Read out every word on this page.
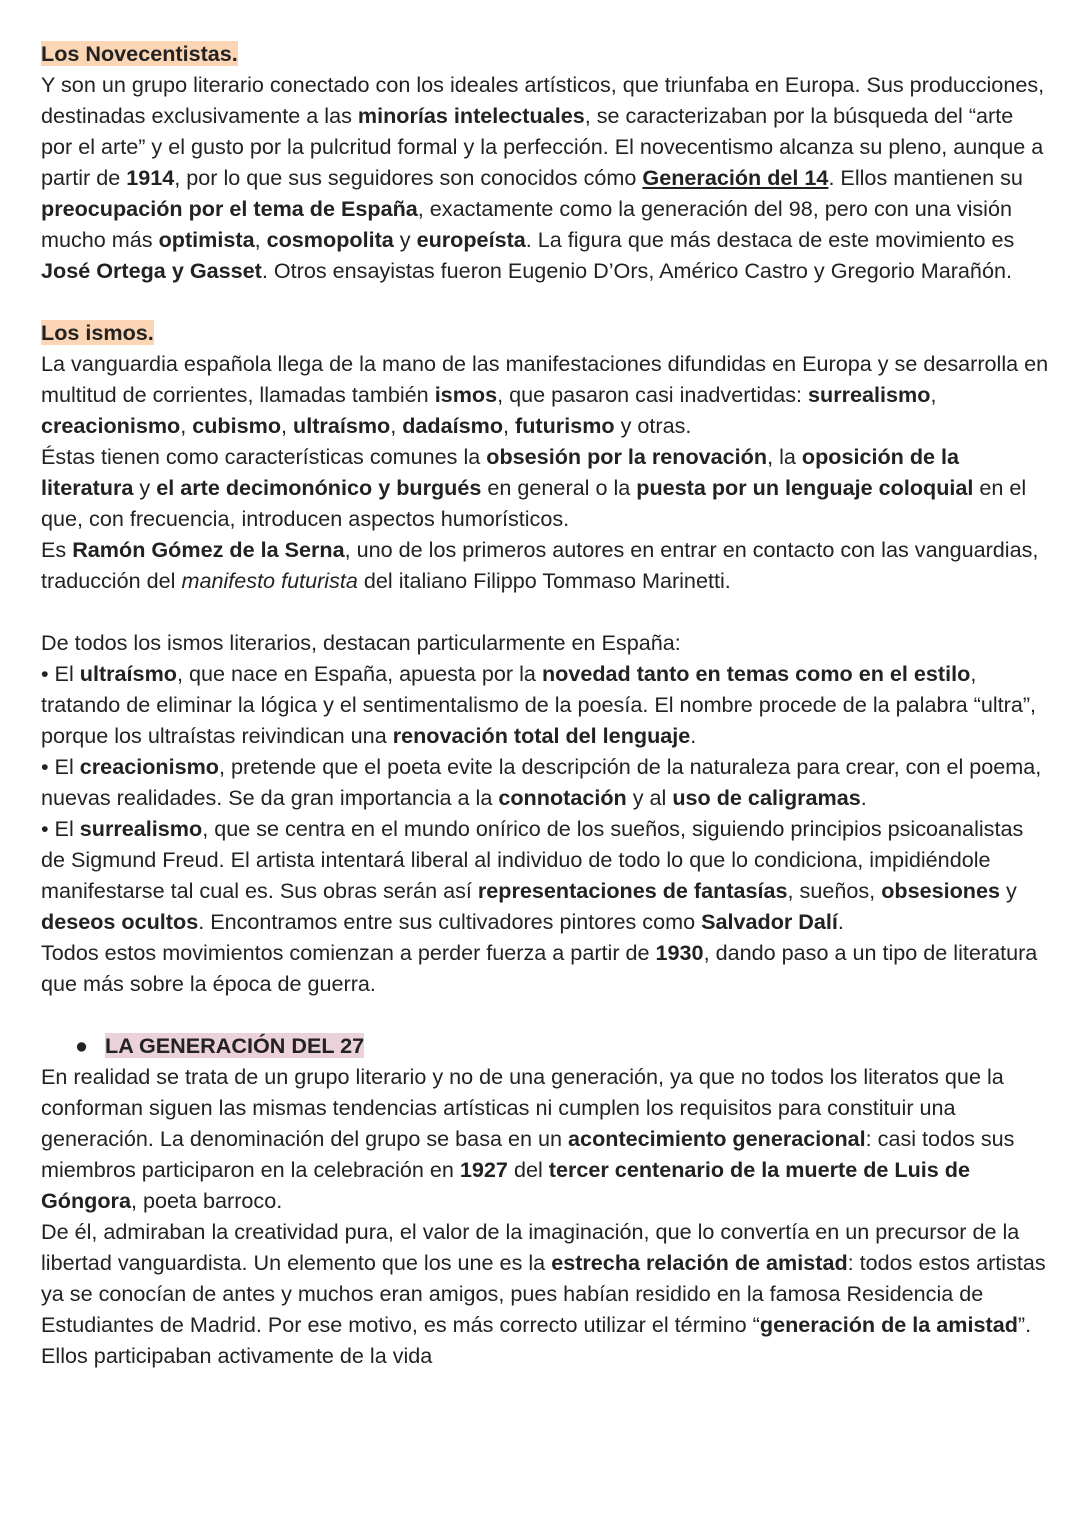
Los Novecentistas.

Y son un grupo literario conectado con los ideales artísticos, que triunfaba en Europa. Sus producciones, destinadas exclusivamente a las minorías intelectuales, se caracterizaban por la búsqueda del “arte por el arte” y el gusto por la pulcritud formal y la perfección. El novecentismo alcanza su pleno, aunque a partir de 1914, por lo que sus seguidores son conocidos cómo Generación del 14. Ellos mantienen su preocupación por el tema de España, exactamente como la generación del 98, pero con una visión mucho más optimista, cosmopolita y europeísta. La figura que más destaca de este movimiento es José Ortega y Gasset. Otros ensayistas fueron Eugenio D’Ors, Américo Castro y Gregorio Marañón.

Los ismos.

La vanguardia española llega de la mano de las manifestaciones difundidas en Europa y se desarrolla en multitud de corrientes, llamadas también ismos, que pasaron casi inadvertidas: surrealismo, creacionismo, cubismo, ultraísmo, dadaísmo, futurismo y otras.

Éstas tienen como características comunes la obsesión por la renovación, la oposición de la literatura y el arte decimonónico y burgués en general o la puesta por un lenguaje coloquial en el que, con frecuencia, introducen aspectos humorísticos.

Es Ramón Gómez de la Serna, uno de los primeros autores en entrar en contacto con las vanguardias, traducción del manifesto futurista del italiano Filippo Tommaso Marinetti.

De todos los ismos literarios, destacan particularmente en España:

• El ultraísmo, que nace en España, apuesta por la novedad tanto en temas como en el estilo, tratando de eliminar la lógica y el sentimentalismo de la poesía. El nombre procede de la palabra “ultra”, porque los ultraístas reivindican una renovación total del lenguaje.

• El creacionismo, pretende que el poeta evite la descripción de la naturaleza para crear, con el poema, nuevas realidades. Se da gran importancia a la connotación y al uso de caligramas.

• El surrealismo, que se centra en el mundo onírico de los sueños, siguiendo principios psicoanalistas de Sigmund Freud. El artista intentará liberal al individuo de todo lo que lo condiciona, impidiéndole manifestarse tal cual es. Sus obras serán así representaciones de fantasías, sueños, obsesiones y deseos ocultos. Encontramos entre sus cultivadores pintores como Salvador Dalí.

Todos estos movimientos comienzan a perder fuerza a partir de 1930, dando paso a un tipo de literatura que más sobre la época de guerra.

● LA GENERACIÓN DEL 27

En realidad se trata de un grupo literario y no de una generación, ya que no todos los literatos que la conforman siguen las mismas tendencias artísticas ni cumplen los requisitos para constituir una generación. La denominación del grupo se basa en un acontecimiento generacional: casi todos sus miembros participaron en la celebración en 1927 del tercer centenario de la muerte de Luis de Góngora, poeta barroco.

De él, admiraban la creatividad pura, el valor de la imaginación, que lo convertía en un precursor de la libertad vanguardista. Un elemento que los une es la estrecha relación de amistad: todos estos artistas ya se conocían de antes y muchos eran amigos, pues habían residido en la famosa Residencia de Estudiantes de Madrid. Por ese motivo, es más correcto utilizar el término “generación de la amistad”. Ellos participaban activamente de la vida
